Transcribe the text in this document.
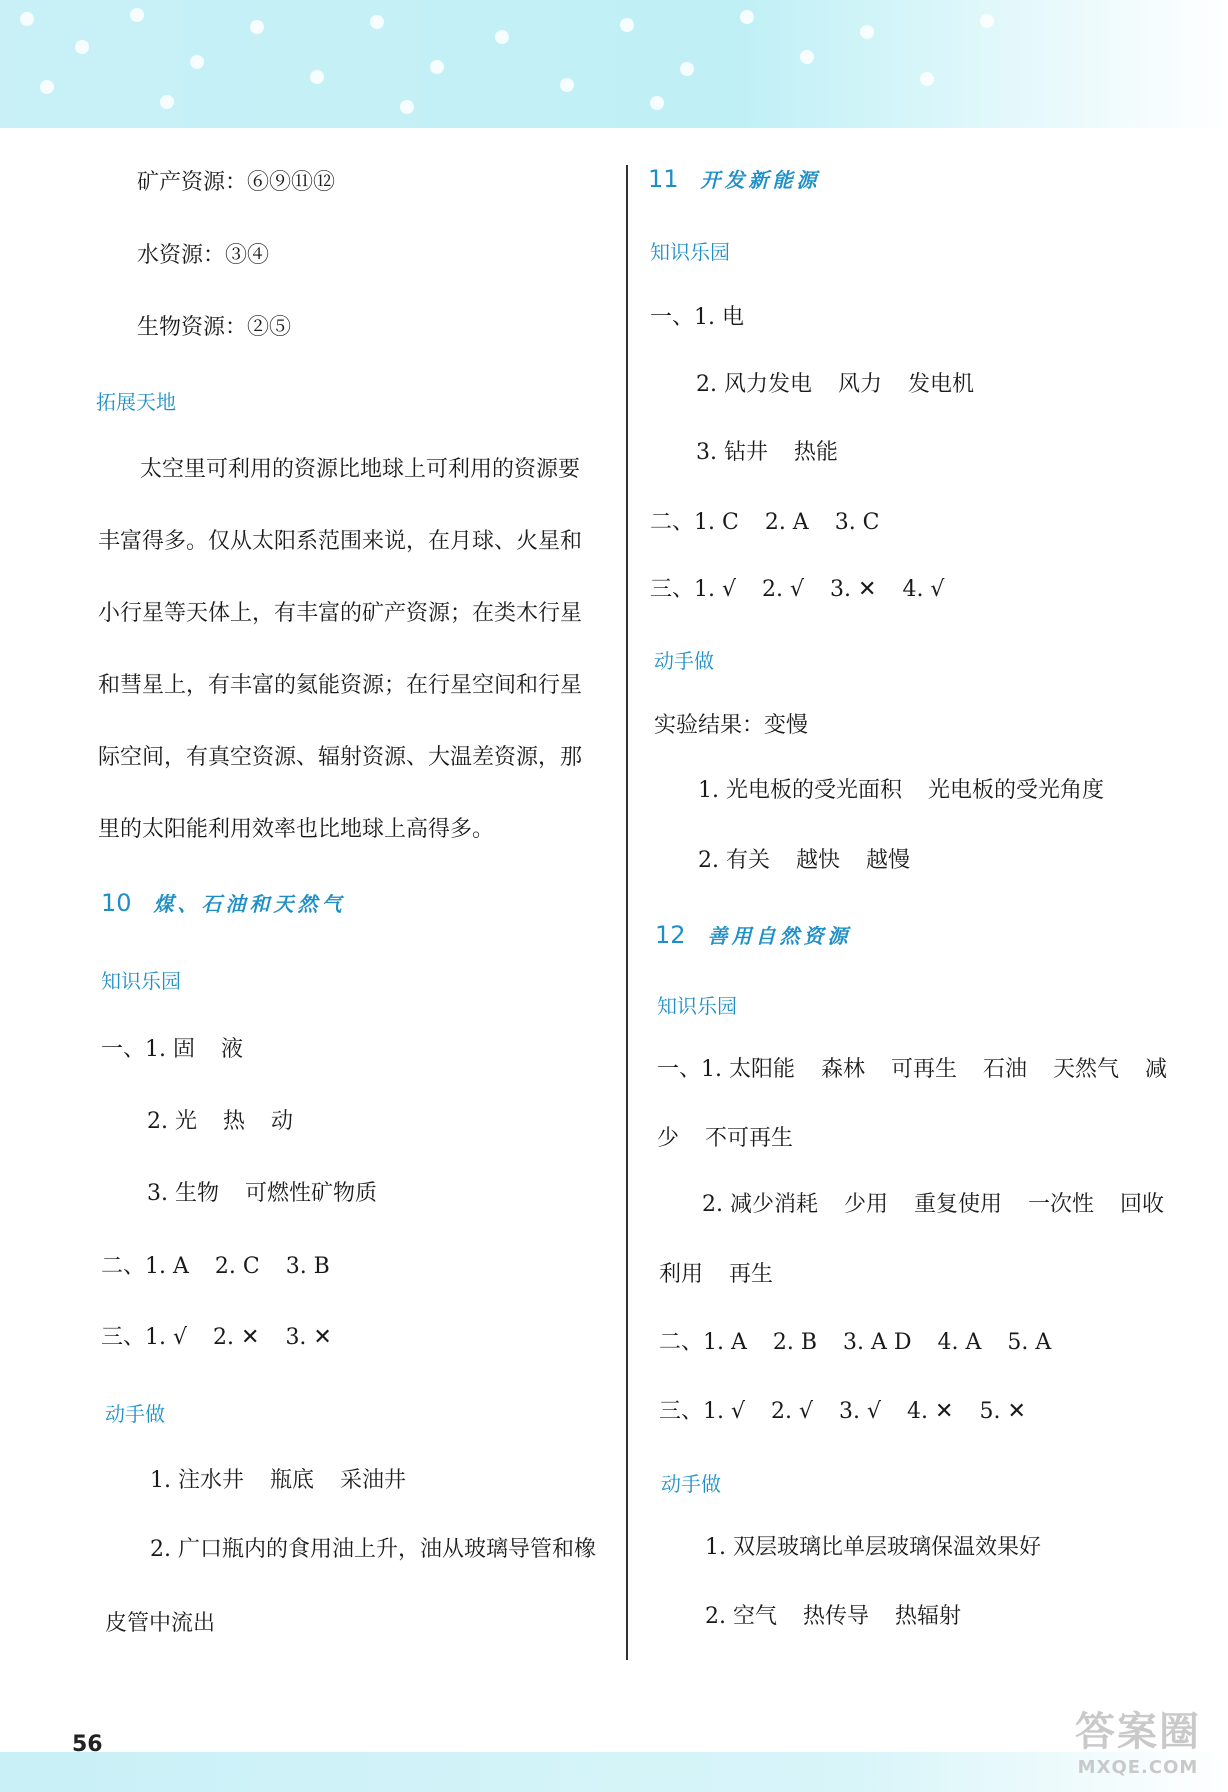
矿产资源：⑥⑨⑪⑫
水资源：③④
生物资源：②⑤
拓展天地
太空里可利用的资源比地球上可利用的资源要
丰富得多。仅从太阳系范围来说，在月球、火星和
小行星等天体上，有丰富的矿产资源；在类木行星
和彗星上，有丰富的氦能资源；在行星空间和行星
际空间，有真空资源、辐射资源、大温差资源，那
里的太阳能利用效率也比地球上高得多。
10 煤、石油和天然气
知识乐园
一、1. 固 液
2. 光 热 动
3. 生物 可燃性矿物质
二、1. A 2. C 3. B
三、1. √ 2. ✕ 3. ✕
动手做
1. 注水井 瓶底 采油井
2. 广口瓶内的食用油上升，油从玻璃导管和橡
皮管中流出
11 开发新能源
知识乐园
一、1. 电
2. 风力发电 风力 发电机
3. 钻井 热能
二、1. C 2. A 3. C
三、1. √ 2. √ 3. ✕ 4. √
动手做
实验结果：变慢
1. 光电板的受光面积 光电板的受光角度
2. 有关 越快 越慢
12 善用自然资源
知识乐园
一、1. 太阳能 森林 可再生 石油 天然气 减
少 不可再生
2. 减少消耗 少用 重复使用 一次性 回收
利用 再生
二、1. A 2. B 3. A D 4. A 5. A
三、1. √ 2. √ 3. √ 4. ✕ 5. ✕
动手做
1. 双层玻璃比单层玻璃保温效果好
2. 空气 热传导 热辐射
56	答案圈
MXQE.COM
